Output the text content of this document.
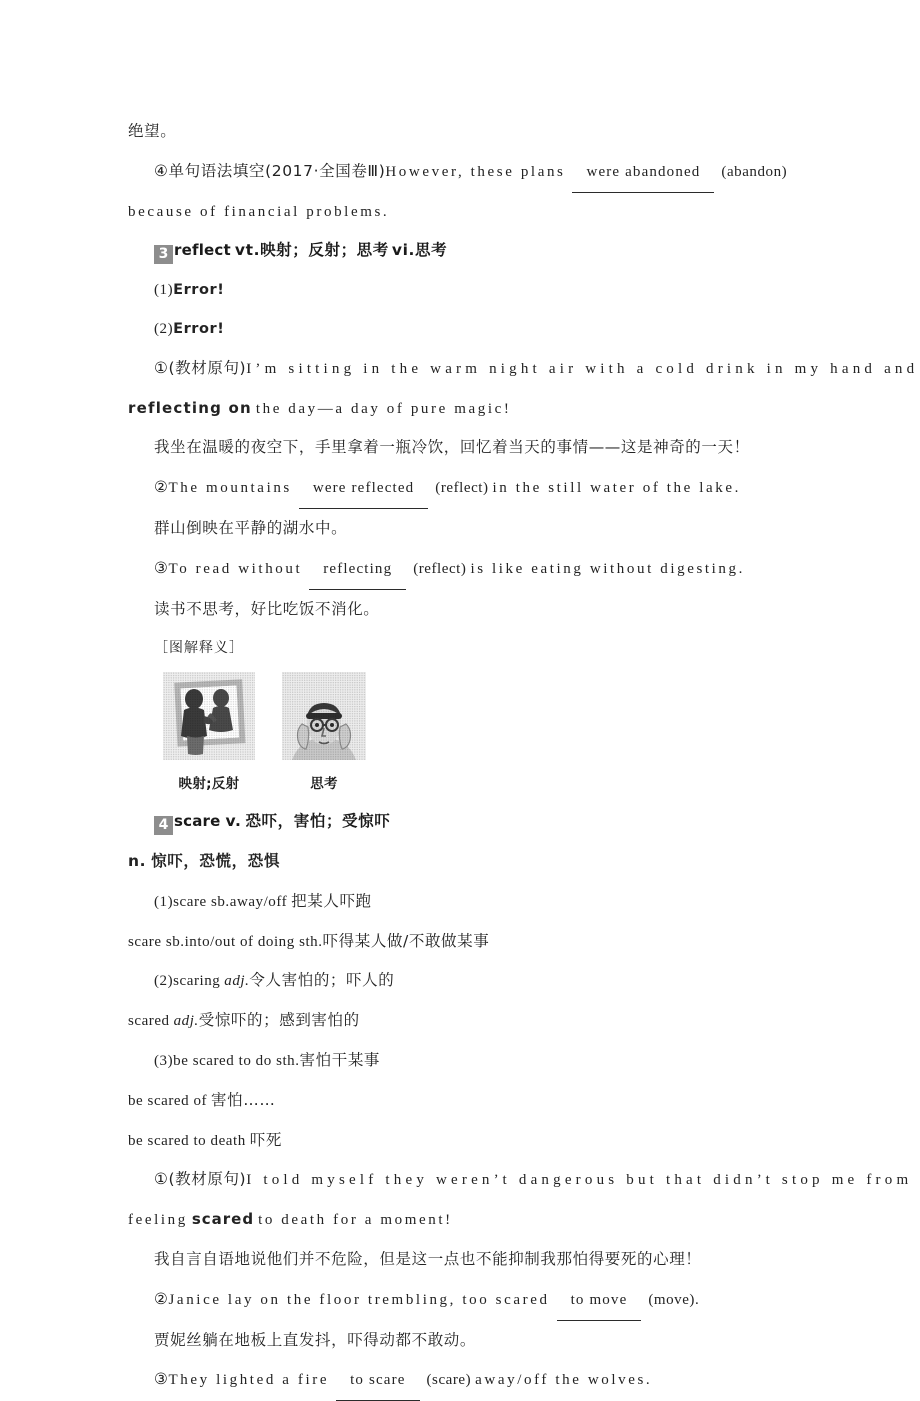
绝望。
④单句语法填空(2017·全国卷Ⅲ)However, these plans were abandoned (abandon)
because of financial problems.
3 reflect vt.映射；反射；思考 vi.思考
(1)Error!
(2)Error!
①(教材原句)I’m sitting in the warm night air with a cold drink in my hand and
reflecting on the day—a day of pure magic!
我坐在温暖的夜空下，手里拿着一瓶冷饮，回忆着当天的事情——这是神奇的一天！
②The mountains were reflected (reflect) in the still water of the lake.
群山倒映在平静的湖水中。
③To read without reflecting (reflect) is like eating without digesting.
读书不思考，好比吃饭不消化。
［图解释义］
映射;反射	思考
4 scare v. 恐吓，害怕；受惊吓
n. 惊吓，恐慌，恐惧
(1)scare sb.away/off 把某人吓跑
scare sb.into/out of doing sth.吓得某人做/不敢做某事
(2)scaring adj.令人害怕的；吓人的
scared adj.受惊吓的；感到害怕的
(3)be scared to do sth.害怕干某事
be scared of 害怕……
be scared to death 吓死
①(教材原句)I told myself they weren’t dangerous but that didn’t stop me from
feeling scared to death for a moment!
我自言自语地说他们并不危险，但是这一点也不能抑制我那怕得要死的心理！
②Janice lay on the floor trembling, too scared to move (move).
贾妮丝躺在地板上直发抖，吓得动都不敢动。
③They lighted a fire to scare (scare) away/off the wolves.
